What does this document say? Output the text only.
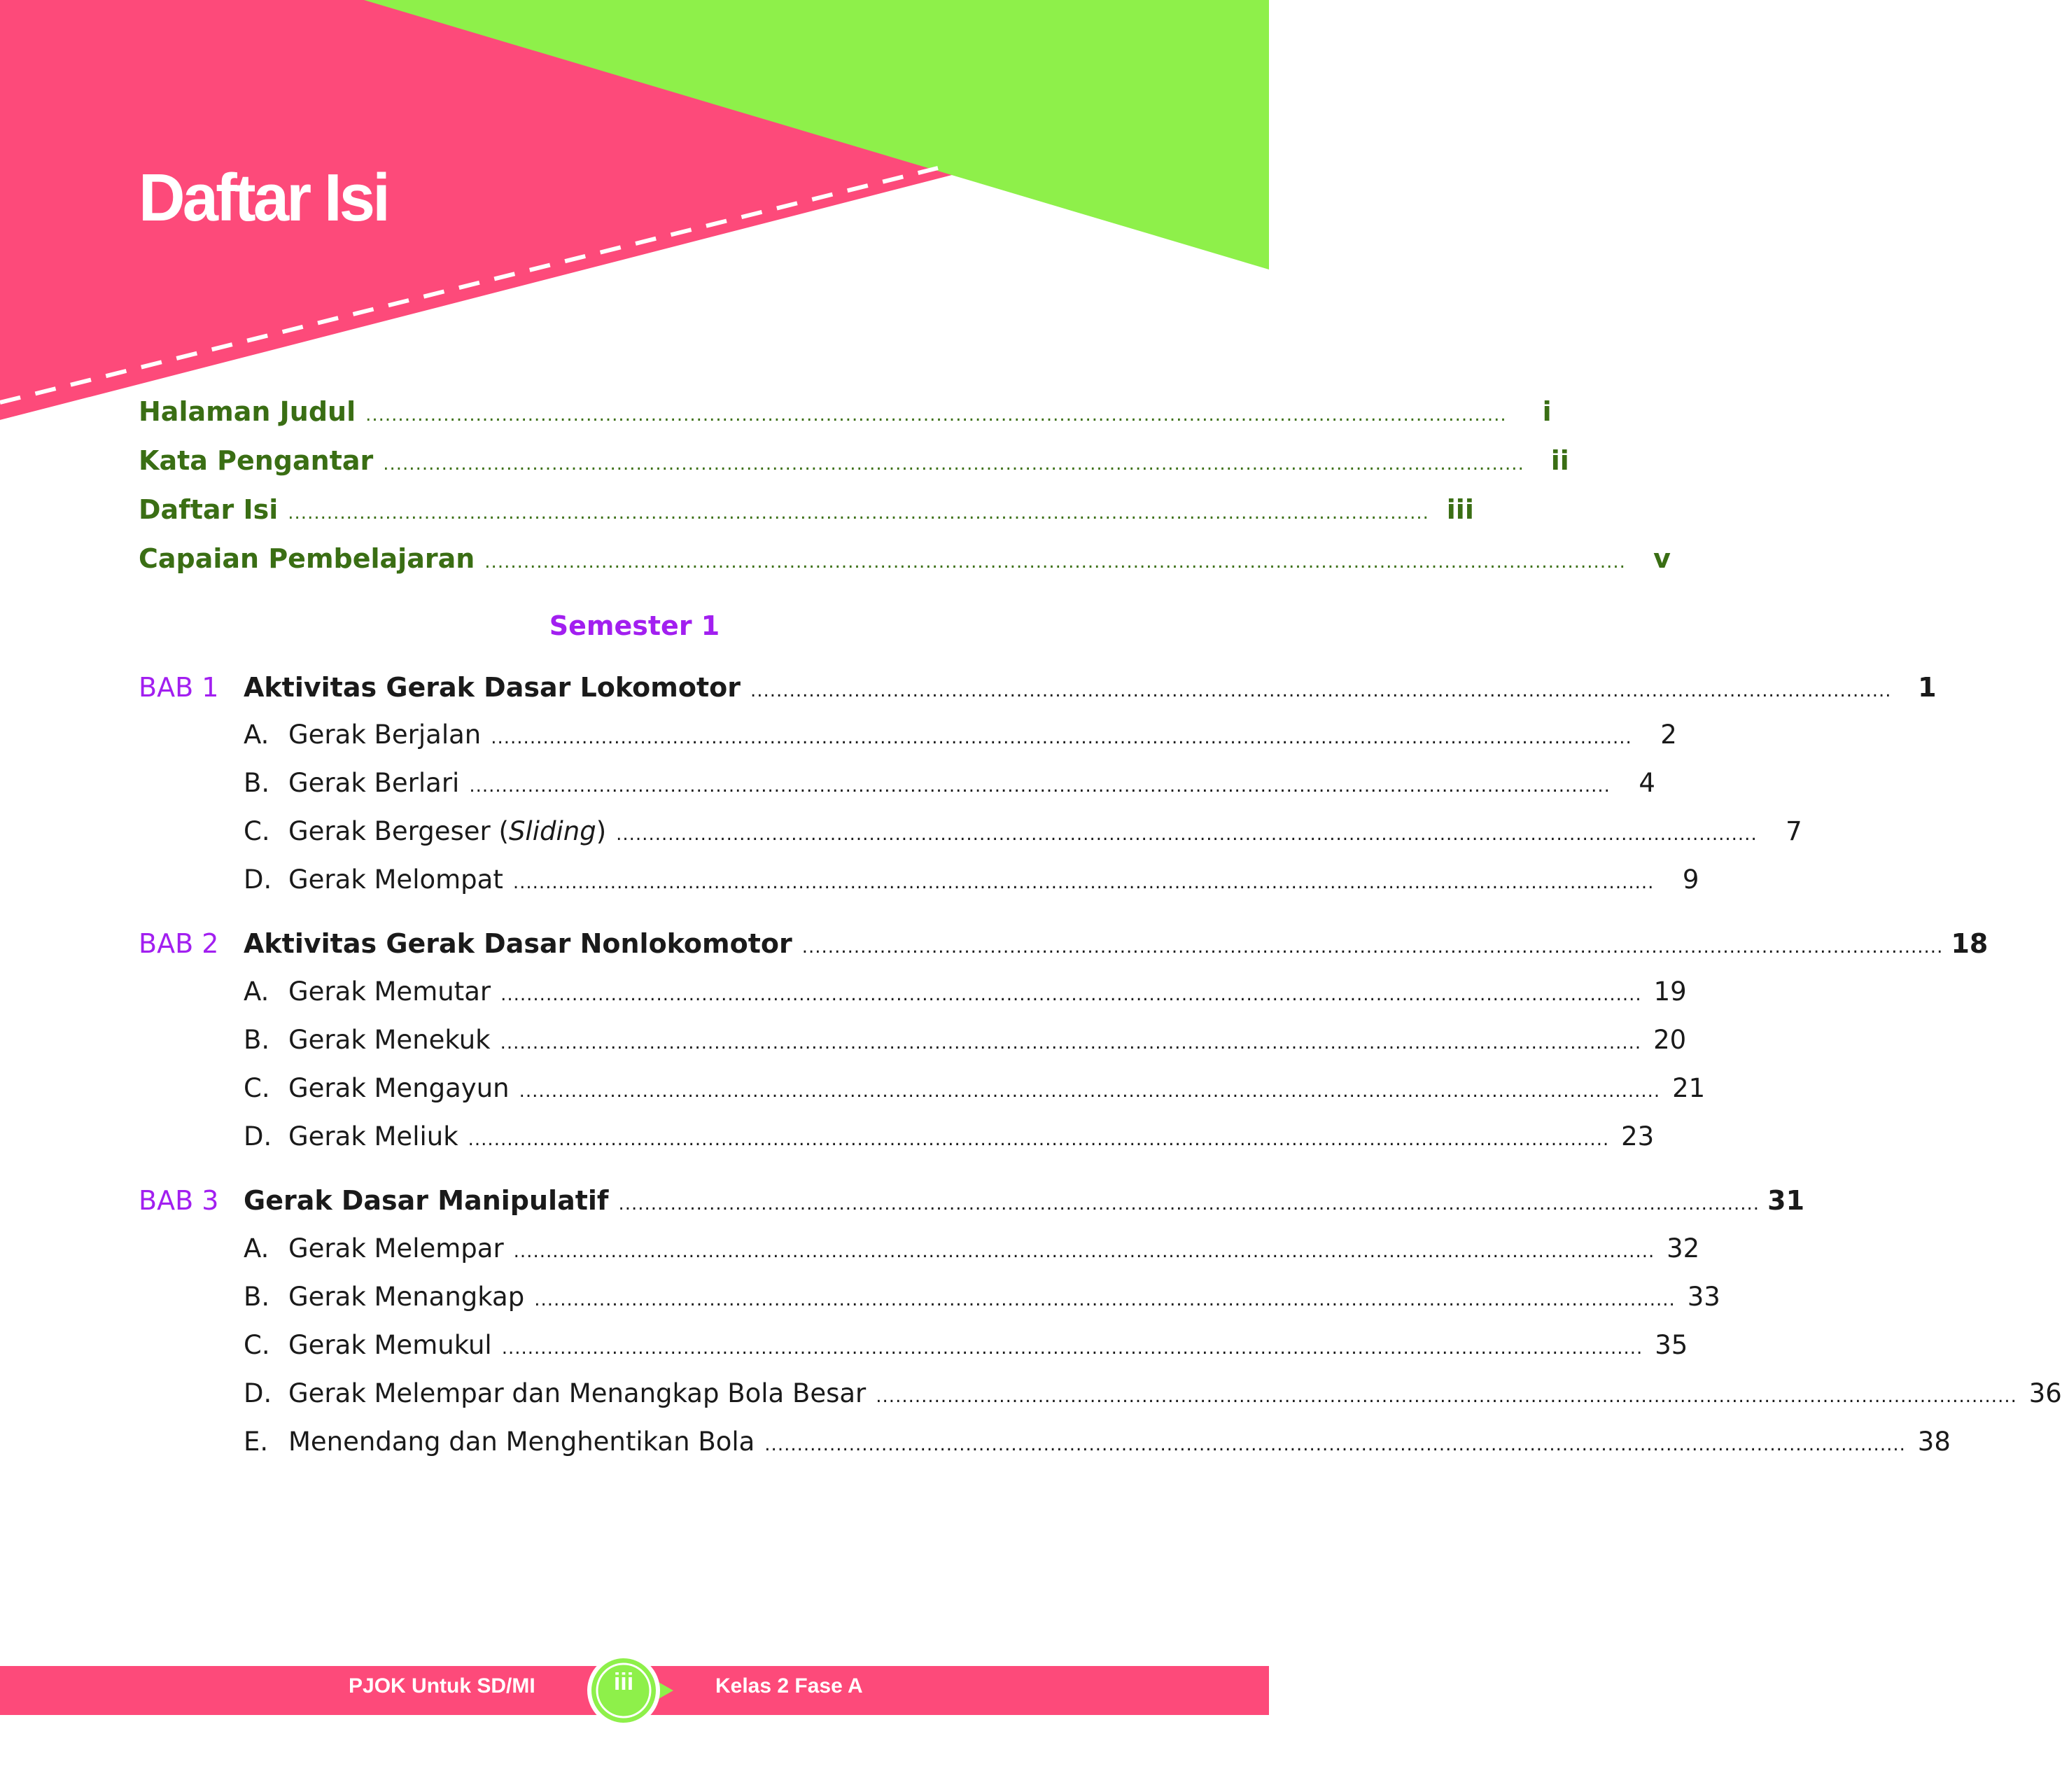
Daftar Isi
Halaman Judul ................................................................................................................................................................................	i
Kata Pengantar ................................................................................................................................................................................ ii
Daftar Isi ................................................................................................................................................................................ iii
Capaian Pembelajaran ................................................................................................................................................................................	v
Semester 1
BAB 1 Aktivitas Gerak Dasar Lokomotor ................................................................................................................................................................................ 1
A. Gerak Berjalan ................................................................................................................................................................................	2
B. Gerak Berlari ................................................................................................................................................................................	4
C. Gerak Bergeser (Sliding) ................................................................................................................................................................................	7
D. Gerak Melompat ................................................................................................................................................................................	9
BAB 2 Aktivitas Gerak Dasar Nonlokomotor ................................................................................................................................................................................ 18
A. Gerak Memutar ................................................................................................................................................................................ 19
B. Gerak Menekuk ................................................................................................................................................................................ 20
C. Gerak Mengayun ................................................................................................................................................................................ 21
D. Gerak Meliuk ................................................................................................................................................................................ 23
BAB 3 Gerak Dasar Manipulatif ................................................................................................................................................................................ 31
A. Gerak Melempar ................................................................................................................................................................................ 32
B. Gerak Menangkap ................................................................................................................................................................................ 33
C. Gerak Memukul ................................................................................................................................................................................ 35
D. Gerak Melempar dan Menangkap Bola Besar ................................................................................................................................................................................ 36
E. Menendang dan Menghentikan Bola ................................................................................................................................................................................ 38
PJOK Untuk SD/MI	iii	Kelas 2 Fase A
